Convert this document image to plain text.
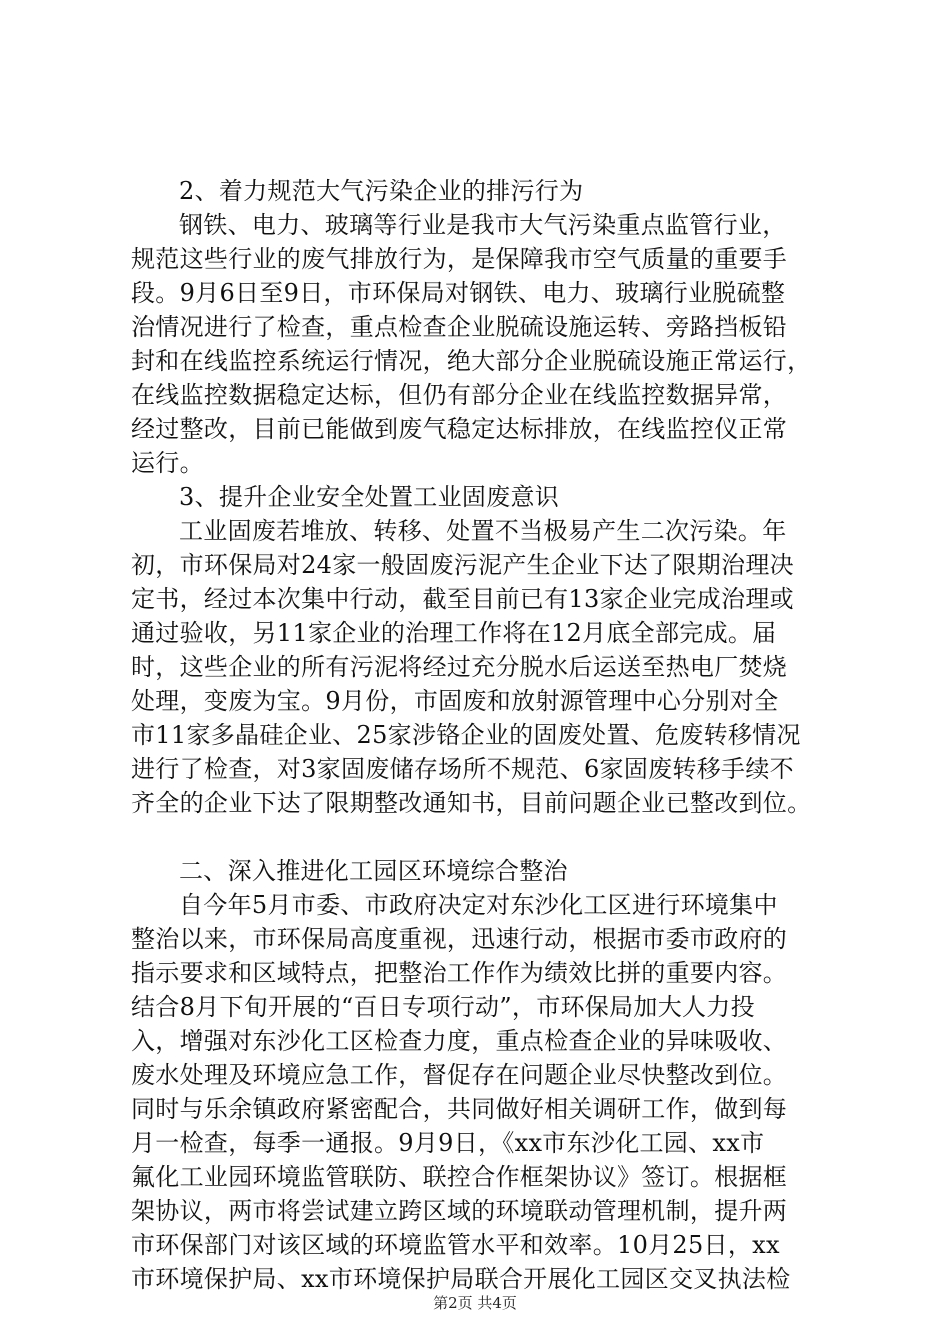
2、着力规范大气污染企业的排污行为
钢铁、电力、玻璃等行业是我市大气污染重点监管行业，
规范这些行业的废气排放行为，是保障我市空气质量的重要手
段。9月6日至9日，市环保局对钢铁、电力、玻璃行业脱硫整
治情况进行了检查，重点检查企业脱硫设施运转、旁路挡板铅
封和在线监控系统运行情况，绝大部分企业脱硫设施正常运行，
在线监控数据稳定达标，但仍有部分企业在线监控数据异常，
经过整改，目前已能做到废气稳定达标排放，在线监控仪正常
运行。
3、提升企业安全处置工业固废意识
工业固废若堆放、转移、处置不当极易产生二次污染。年
初，市环保局对24家一般固废污泥产生企业下达了限期治理决
定书，经过本次集中行动，截至目前已有13家企业完成治理或
通过验收，另11家企业的治理工作将在12月底全部完成。届
时，这些企业的所有污泥将经过充分脱水后运送至热电厂焚烧
处理，变废为宝。9月份，市固废和放射源管理中心分别对全
市11家多晶硅企业、25家涉铬企业的固废处置、危废转移情况
进行了检查，对3家固废储存场所不规范、6家固废转移手续不
齐全的企业下达了限期整改通知书，目前问题企业已整改到位。
二、深入推进化工园区环境综合整治
自今年5月市委、市政府决定对东沙化工区进行环境集中
整治以来，市环保局高度重视，迅速行动，根据市委市政府的
指示要求和区域特点，把整治工作作为绩效比拼的重要内容。
结合8月下旬开展的“百日专项行动”，市环保局加大人力投
入，增强对东沙化工区检查力度，重点检查企业的异味吸收、
废水处理及环境应急工作，督促存在问题企业尽快整改到位。
同时与乐余镇政府紧密配合，共同做好相关调研工作，做到每
月一检查，每季一通报。9月9日，《xx市东沙化工园、xx市
氟化工业园环境监管联防、联控合作框架协议》签订。根据框
架协议，两市将尝试建立跨区域的环境联动管理机制，提升两
市环保部门对该区域的环境监管水平和效率。10月25日，xx
市环境保护局、xx市环境保护局联合开展化工园区交叉执法检
第2页 共4页
